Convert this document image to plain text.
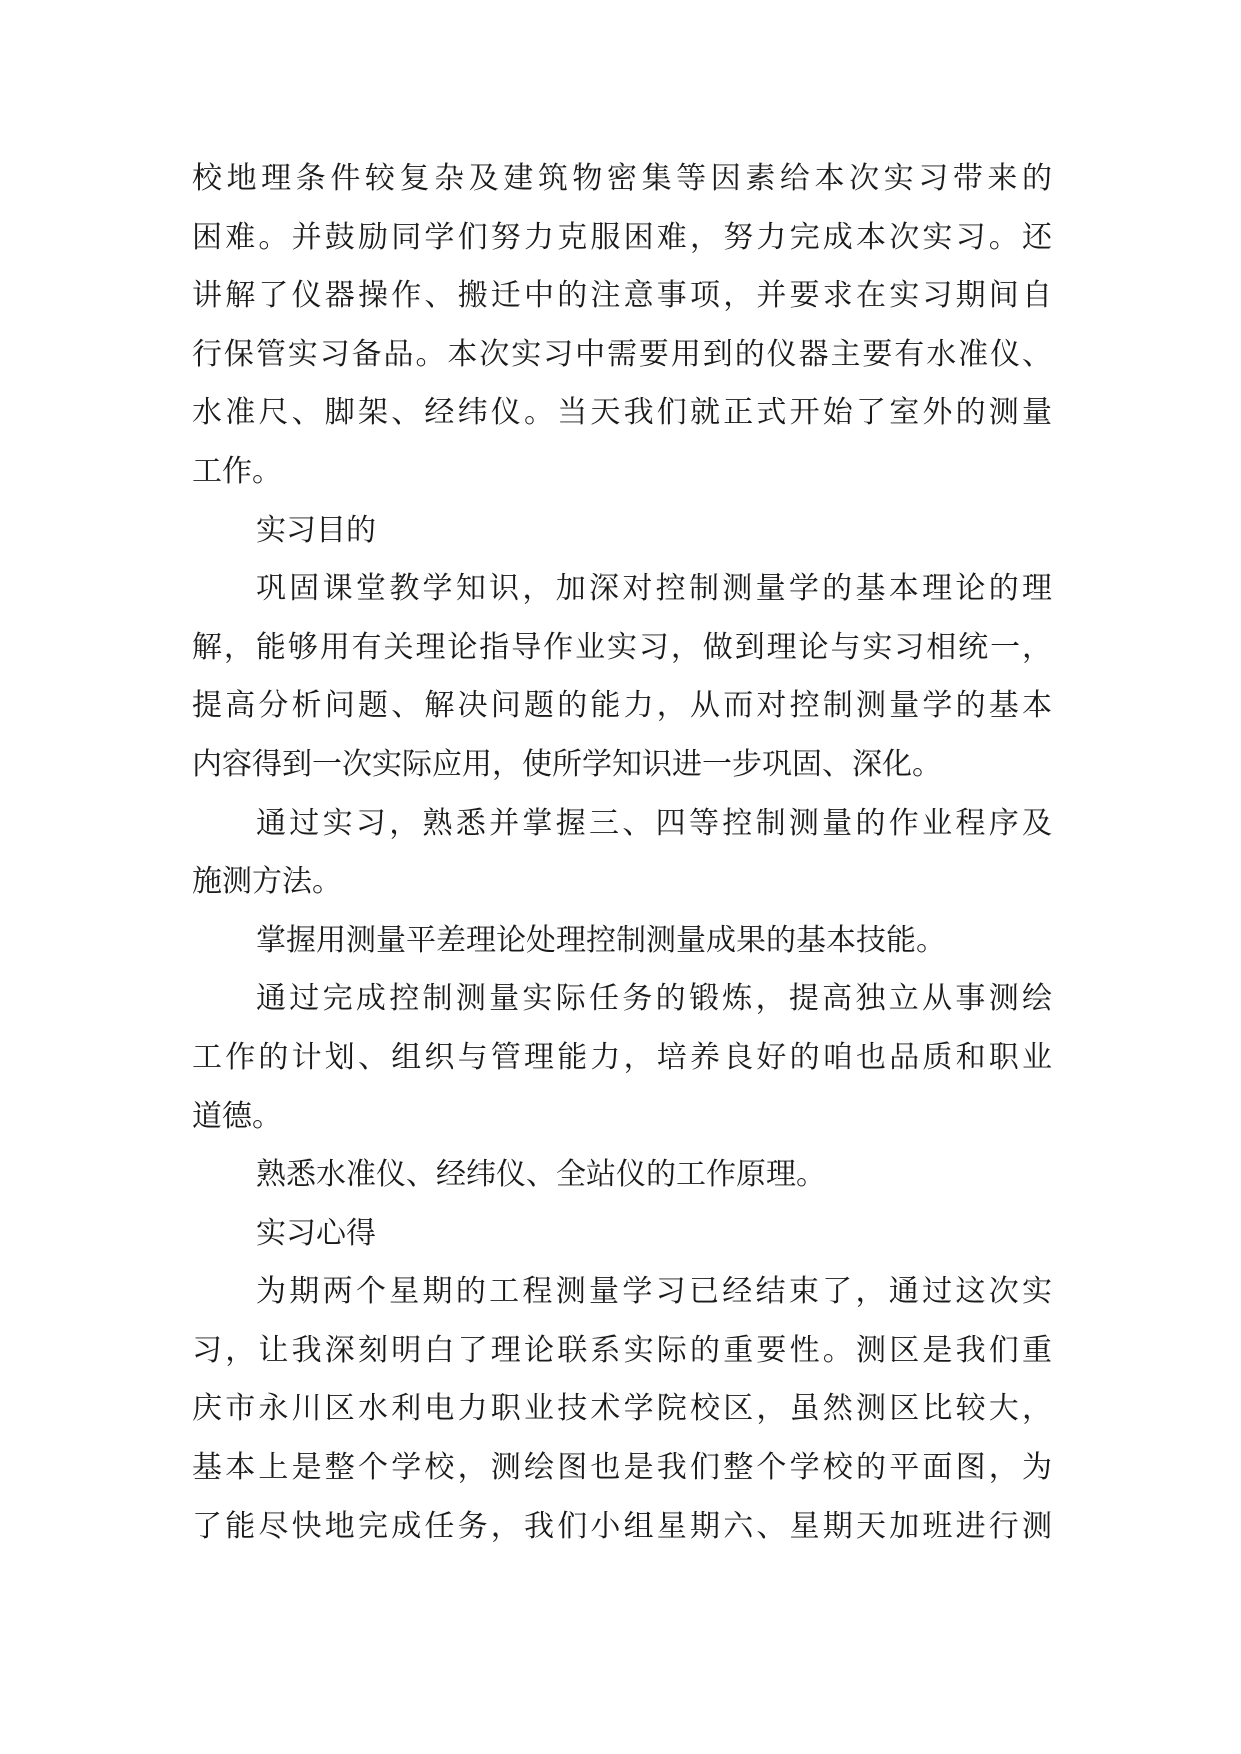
校地理条件较复杂及建筑物密集等因素给本次实习带来的
困难。并鼓励同学们努力克服困难，努力完成本次实习。还
讲解了仪器操作、搬迁中的注意事项，并要求在实习期间自
行保管实习备品。本次实习中需要用到的仪器主要有水准仪、
水准尺、脚架、经纬仪。当天我们就正式开始了室外的测量
工作。
实习目的
巩固课堂教学知识，加深对控制测量学的基本理论的理
解，能够用有关理论指导作业实习，做到理论与实习相统一，
提高分析问题、解决问题的能力，从而对控制测量学的基本
内容得到一次实际应用，使所学知识进一步巩固、深化。
通过实习，熟悉并掌握三、四等控制测量的作业程序及
施测方法。
掌握用测量平差理论处理控制测量成果的基本技能。
通过完成控制测量实际任务的锻炼，提高独立从事测绘
工作的计划、组织与管理能力，培养良好的咱也品质和职业
道德。
熟悉水准仪、经纬仪、全站仪的工作原理。
实习心得
为期两个星期的工程测量学习已经结束了，通过这次实
习，让我深刻明白了理论联系实际的重要性。测区是我们重
庆市永川区水利电力职业技术学院校区，虽然测区比较大，
基本上是整个学校，测绘图也是我们整个学校的平面图，为
了能尽快地完成任务，我们小组星期六、星期天加班进行测
